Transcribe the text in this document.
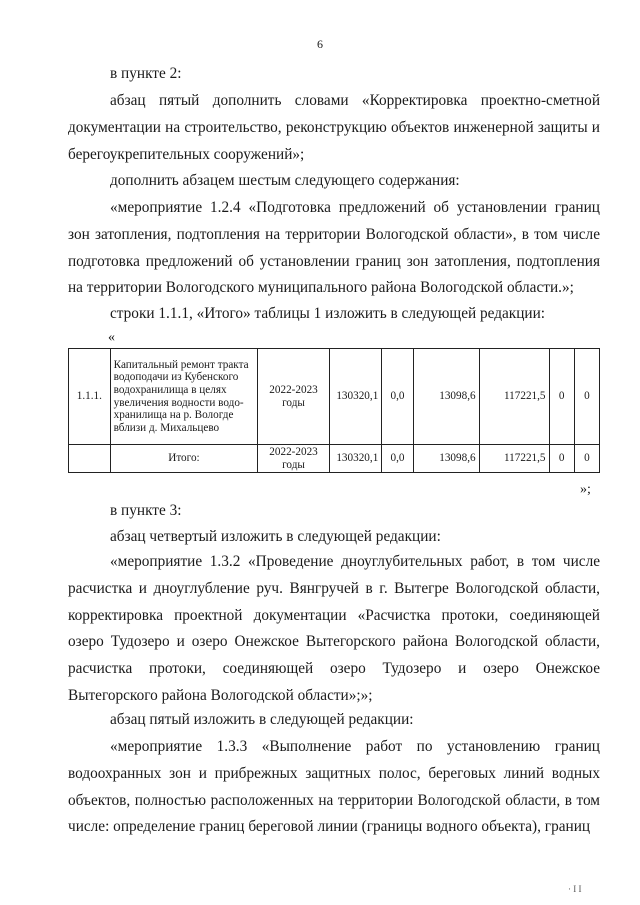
6

в пункте 2:

абзац пятый дополнить словами «Корректировка проектно-сметной документации на строительство, реконструкцию объектов инженерной защиты и берегоукрепительных сооружений»;

дополнить абзацем шестым следующего содержания:

«мероприятие 1.2.4 «Подготовка предложений об установлении границ зон затопления, подтопления на территории Вологодской области», в том числе подготовка предложений об установлении границ зон затопления, подтопления на территории Вологодского муниципального района Вологодской области.»;

строки 1.1.1, «Итого» таблицы 1 изложить в следующей редакции:

«
1.1.1.	Капитальный ремонт тракта водоподачи из Кубенского водохранилища в целях увеличения водности водо-хранилища на р. Вологде вблизи д. Михальцево	2022-2023 годы	130320,1	0,0	13098,6	117221,5	0	0
	Итого:	2022-2023 годы	130320,1	0,0	13098,6	117221,5	0	0
»;

в пункте 3:

абзац четвертый изложить в следующей редакции:

«мероприятие 1.3.2 «Проведение дноуглубительных работ, в том числе расчистка и дноуглубление руч. Вянгручей в г. Вытегре Вологодской области, корректировка проектной документации «Расчистка протоки, соединяющей озеро Тудозеро и озеро Онежское Вытегорского района Вологодской области, расчистка протоки, соединяющей озеро Тудозеро и озеро Онежское Вытегорского района Вологодской области»;»;

абзац пятый изложить в следующей редакции:

«мероприятие 1.3.3 «Выполнение работ по установлению границ водоохранных зон и прибрежных защитных полос, береговых линий водных объектов, полностью расположенных на территории Вологодской области, в том числе: определение границ береговой линии (границы водного объекта), границ

· I I
